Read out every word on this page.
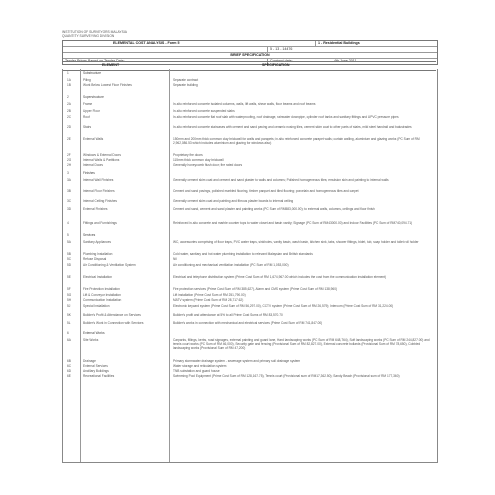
INSTITUTION OF SURVEYORS MALAYSIA
QUANTITY SURVEYING DIVISION
ELEMENTAL COST ANALYSIS - Form 5	1 - Residential Buildings
5 - 13 - 14476
BRIEF SPECIFICATION
Tender Prices Based on Tender Date:	Contract date:	4th June 2011
ELEMENT	SPECIFICATION
1	Substructure
1A	Piling	Separate contract
1B	Work Below Lowest Floor Finishes	Separate building
2	Superstructure
2A	Frame	In-situ reinforced concrete isolated columns, walls, lift walls, shear walls, floor beams and roof beams
2B	Upper Floor	In-situ reinforced concrete suspended slabs
2C	Roof	In-situ reinforced concrete flat roof slab with waterproofing, roof drainage, rainwater downpipe, cylinder roof tanks and sanitary fittings and UPVC pressure pipes
2D	Stairs	In-situ reinforced concrete staircases with cement and sand paving and ceramic nosing tiles, cement skim coat to other parts of stairs, mild steel handrail and balustrades
2E	External Walls	150mm and 200mm thick common clay brickwall for walls and parapets; in-situ reinforced concrete parapet walls; curtain walling, aluminium and glazing works (PC Sum of RM 2,962,086.53 which includes aluminium and glazing for windows also)
2F	Windows & External Doors	Proprietary fire doors
2G	Internal Walls & Partitions	115mm thick common clay brickwall
2H	Internal Doors	Generally honeycomb flush door; fire rated doors
3	Finishes
3A	Internal Wall Finishes	Generally cement skim coat and cement and sand plaster to walls and columns; Polished homogeneous tiles; emulsion skin and painting to internal walls
3B	Internal Floor Finishes	Cement and sand pavings, polished marbled flooring, timber parquet and tiled flooring; porcelain and homogeneous tiles and carpet
3C	Internal Ceiling Finishes	Generally cement skim coat and painting and fibrous plaster boards to internal ceiling
3D	External Finishes	Cement and sand, cement and sand plaster and painting works (PC Sum of RM583,000.00); to external walls, columns, ceilings and floor finish
4	Fittings and Furnishings	Reinforced in-situ concrete and marble counter tops to water closet and basin vanity; Signage (PC Sum of RM43000.00) and Indoor Facilities (PC Sum of RM740,094.71)
5	Services
5A	Sanitary Appliances	WC, accessories comprising of floor traps, PVC water traps, sinkholes, vanity basin, wash basin, kitchen sink, tabs, shower fittings, bidet, tub, soap holder and toilet roll holder
5B	Plumbing Installation	Cold water, sanitary and hot water plumbing installation to relevant Malaysian and British standards
5C	Refuse Disposal	Nil
5D	Air Conditioning & Ventilation System	Air conditioning and mechanical ventilation installation (PC Sum of RM 1,053,000)
5E	Electrical Installation	Electrical and telephone distribution system (Prime Cost Sum of RM 1,674,967.00 which includes the cost from the communication installation element)
5F	Fire Protection Installation	Fire protection services (Prime Cost Sum of RM 385,627), Alarm and CMS system (Prime Cost Sum of RM 138,960)
5G	Lift & Conveyor Installation	Lift installation (Prime Cost Sum of RM 251,790.00)
5H	Communication Installation	MATV system (Prime Cost Sum of RM 28,717.62)
5J	Special Installation	Electronic keycard system (Prime Cost Sum of RM 56,297.00), CCTV system (Prime Cost Sum of RM 26,579); Intercom (Prime Cost Sum of RM 31,224.00)
5K	Builder's Profit & Attendance on Services	Builder's profit and attendance at 5% to all Prime Cost Sums of RM 83,570.70
5L	Builder's Work in Connection with Services	Builder's works in connection with mechanical and electrical services (Prime Cost Sum of RM 741,847.00)
6	External Works
6A	Site Works	Carparks, fillings, kerbs, road signages, external painting and guard lane, Hard landscaping works (PC Sum of RM 648,764), Soft landscaping works (PC Sum of RM 244,827.00) and tennis court works (PC Sum of RM 46,000), Security gate and fencing (Provisional Sum of RM 82,827.00), External concrete bollards (Provisional Sum of RM 78,650), Cobbled landscaping works (Provisional Sum of RM 47,200)
6B	Drainage	Primary stormwater drainage system - sewerage system and primary soil drainage system
6C	External Services	Water storage and reticulation system
6D	Ancillary Buildings	TNB substation and guard house
6E	Recreational Facilities	Swimming Pool Equipment (Prime Cost Sum of RM 128,167.75), Tennis court (Provisional sum of RM17,362.50); Sandy Beach (Provisional sum of RM 177,360)
